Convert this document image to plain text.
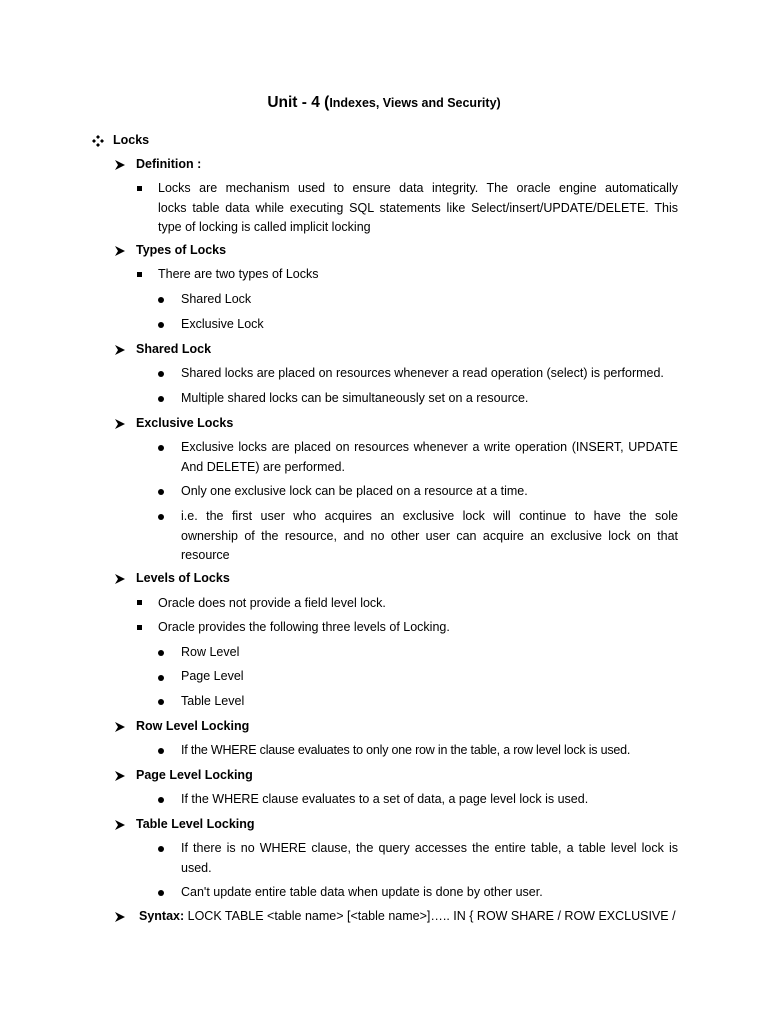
Unit - 4 (Indexes, Views and Security)
Locks
Definition :
Locks are mechanism used to ensure data integrity. The oracle engine automatically
locks table data while executing SQL statements like Select/insert/UPDATE/DELETE. This
type of locking is called implicit locking
Types of Locks
There are two types of Locks
Shared Lock
Exclusive Lock
Shared Lock
Shared locks are placed on resources whenever a read operation (select) is performed.
Multiple shared locks can be simultaneously set on a resource.
Exclusive Locks
Exclusive locks are placed on resources whenever a write operation (INSERT, UPDATE
And DELETE) are performed.
Only one exclusive lock can be placed on a resource at a time.
i.e. the first user who acquires an exclusive lock will continue to have the sole
ownership of the resource, and no other user can acquire an exclusive lock on that
resource
Levels of Locks
Oracle does not provide a field level lock.
Oracle provides the following three levels of Locking.
Row Level
Page Level
Table Level
Row Level Locking
If the WHERE clause evaluates to only one row in the table, a row level lock is used.
Page Level Locking
If the WHERE clause evaluates to a set of data, a page level lock is used.
Table Level Locking
If there is no WHERE clause, the query accesses the entire table, a table level lock is
used.
Can't update entire table data when update is done by other user.
Syntax: LOCK TABLE <table name> [<table name>]….. IN { ROW SHARE / ROW EXCLUSIVE /
